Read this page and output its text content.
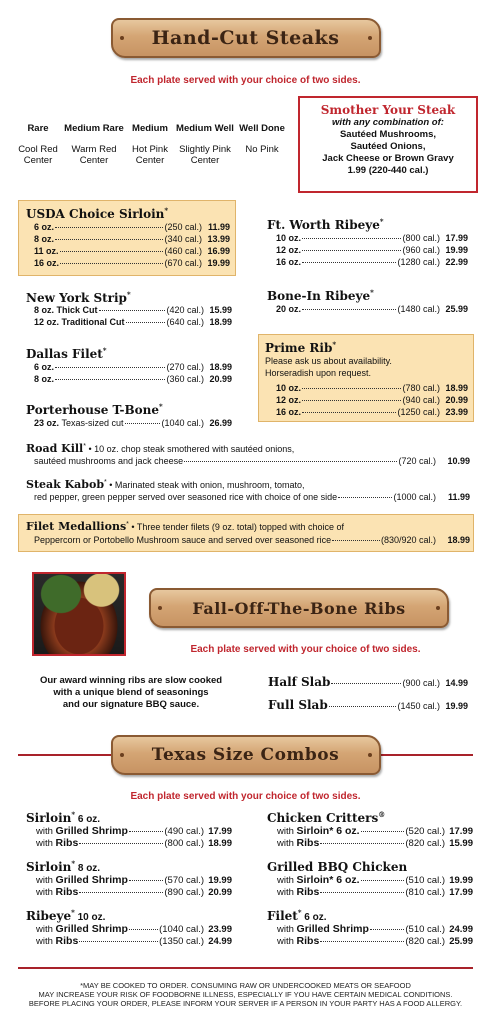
Hand-Cut Steaks
Each plate served with your choice of two sides.
Rare
Cool Red Center
Medium Rare
Warm Red Center
Medium
Hot Pink Center
Medium Well
Slightly Pink Center
Well Done
No Pink
Smother Your Steak
with any combination of:
Sautéed Mushrooms,
Sautéed Onions,
Jack Cheese or Brown Gravy
1.99 (220-440 cal.)
USDA Choice Sirloin*
6 oz.	(250 cal.) 11.99
8 oz.	(340 cal.) 13.99
11 oz.	(460 cal.) 16.99
16 oz.	(670 cal.) 19.99
Ft. Worth Ribeye*
10 oz.	(800 cal.) 17.99
12 oz.	(960 cal.) 19.99
16 oz.	(1280 cal.) 22.99
New York Strip*
8 oz. Thick Cut	(420 cal.) 15.99
12 oz. Traditional Cut	(640 cal.) 18.99
Bone-In Ribeye*
20 oz.	(1480 cal.) 25.99
Dallas Filet*
6 oz.	(270 cal.) 18.99
8 oz.	(360 cal.) 20.99
Prime Rib*
Please ask us about availability.
Horseradish upon request.
10 oz.	(780 cal.) 18.99
12 oz.	(940 cal.) 20.99
16 oz.	(1250 cal.) 23.99
Porterhouse T-Bone*
23 oz.
Texas-sized cut	(1040 cal.) 26.99
Road Kill* • 10 oz. chop steak smothered with sautéed onions,
sautéed mushrooms and jack cheese	(720 cal.)	10.99
Steak Kabob* • Marinated steak with onion, mushroom, tomato,
red pepper, green pepper served over seasoned rice with choice of one side	(1000 cal.)	11.99
Filet Medallions* • Three tender filets (9 oz. total) topped with choice of
Peppercorn or Portobello Mushroom sauce and served over seasoned rice	(830/920 cal.)	18.99
Fall-Off-The-Bone Ribs
Each plate served with your choice of two sides.
Our award winning ribs are slow cooked
with a unique blend of seasonings
and our signature BBQ sauce.
Half Slab	(900 cal.) 14.99
Full Slab	(1450 cal.) 19.99
Texas Size Combos
Each plate served with your choice of two sides.
Sirloin* 6 oz.
with
Grilled Shrimp	(490 cal.) 17.99
with
Ribs	(800 cal.) 18.99
Chicken Critters®
with
Sirloin* 6 oz.	(520 cal.) 17.99
with
Ribs	(820 cal.) 15.99
Sirloin* 8 oz.
with
Grilled Shrimp	(570 cal.) 19.99
with
Ribs	(890 cal.) 20.99
Grilled BBQ Chicken
with
Sirloin* 6 oz.	(510 cal.) 19.99
with
Ribs	(810 cal.) 17.99
Ribeye* 10 oz.
with
Grilled Shrimp	(1040 cal.) 23.99
with
Ribs	(1350 cal.) 24.99
Filet* 6 oz.
with
Grilled Shrimp	(510 cal.) 24.99
with
Ribs	(820 cal.) 25.99
*MAY BE COOKED TO ORDER. CONSUMING RAW OR UNDERCOOKED MEATS OR SEAFOOD
MAY INCREASE YOUR RISK OF FOODBORNE ILLNESS, ESPECIALLY IF YOU HAVE CERTAIN MEDICAL CONDITIONS.
BEFORE PLACING YOUR ORDER, PLEASE INFORM YOUR SERVER IF A PERSON IN YOUR PARTY HAS A FOOD ALLERGY.
